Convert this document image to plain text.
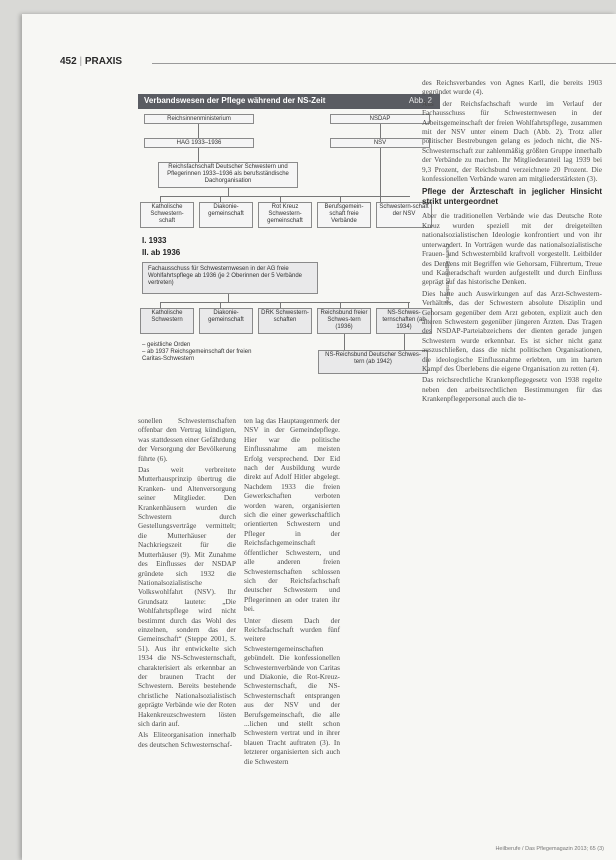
452 | PRAXIS
Verbandswesen der Pflege während der NS-Zeit	Abb. 2
Reichsinnenministerium	NSDAP
HAG 1933–1936	NSV
Reichsfachschaft Deutscher Schwestern und Pflegerinnen 1933–1936 als berufsständische Dachorganisation
Katholische Schwestern-schaft
Diakonie-gemeinschaft
Rot Kreuz Schwestern-gemeinschaft
Berufsgemein-schaft freie Verbände
Schwestern-schaft der NSV
I. 1933
II. ab 1936
Fachausschuss für Schwesternwesen in der AG freie Wohlfahrtspflege ab 1936 (je 2 Oberinnen der 5 Verbände vertreten)
Katholische Schwestern
Diakonie-gemeinschaft
DRK Schwestern-schaften
Reichsbund freier Schwes-tern (1936)
NS-Schwes-ternschaften (ab 1934)
– geistliche Orden
– ab 1937 Reichsgemeinschaft der freien Caritas-Schwestern
NS-Reichsbund Deutscher Schwes-tern (ab 1942)
Quelle: Eigene Darstellung

sonellen Schwesternschaften offenbar den Vertrag kündigten, was stattdessen einer Gefährdung der Versorgung der Bevölkerung führte (6).

Das weit verbreitete Mutterhausprinzip übertrug die Kranken- und Altenversorgung seiner Mitglieder. Den Krankenhäusern wurden die Schwestern durch Gestellungsverträge vermittelt; die Mutterhäuser der Nachkriegszeit für die Mutterhäuser (9). Mit Zunahme des Einflusses der NSDAP gründete sich 1932 die Nationalsozialistische Volkswohlfahrt (NSV). Ihr Grundsatz lautete: „Die Wohlfahrtspflege wird nicht bestimmt durch das Wohl des einzelnen, sondern das der Gemeinschaft“ (Steppe 2001, S. 51). Aus ihr entwickelte sich 1934 die NS-Schwesternschaft, charakterisiert als erkennbar an der braunen Tracht der Schwestern. Bereits bestehende christliche Nationalsozialistisch geprägte Verbände wie der Roten Hakenkreuzschwestern lösten sich darin auf.

Als Eliteorganisation innerhalb des deutschen Schwesternschaf-

ten lag das Hauptaugenmerk der NSV in der Gemeindepflege. Hier war die politische Einflussnahme am meisten Erfolg versprechend. Der Eid nach der Ausbildung wurde direkt auf Adolf Hitler abgelegt. Nachdem 1933 die freien Gewerkschaften verboten worden waren, organisierten sich die einer gewerkschaftlich orientierten Schwestern und Pfleger in der Reichsfachgemeinschaft öffentlicher Schwestern, und alle anderen freien Schwesternschaften schlossen sich der Reichsfachschaft deutscher Schwestern und Pflegerinnen an oder traten ihr bei.

Unter diesem Dach der Reichsfachschaft wurden fünf weitere Schwesterngemeinschaften gebündelt. Die konfessionellen Schwesternverbände von Caritas und Diakonie, die Rot-Kreuz-Schwesternschaft, die NS-Schwesternschaft entsprangen aus der NSV und der Berufsgemeinschaft, die alle ...lichen und stellt schon Schwestern vertrat und in ihrer blauen Tracht auftraten (3). In letzterer organisierten sich auch die Schwestern

des Reichsverbandes von Agnes Karll, die bereits 1903 gegründet wurde (4).

Aus der Reichsfachschaft wurde im Verlauf der Fachausschuss für Schwesternwesen in der Arbeitsgemeinschaft der freien Wohlfahrtspflege, zusammen mit der NSV unter einem Dach (Abb. 2). Trotz aller politischer Bestrebungen gelang es jedoch nicht, die NS-Schwesternschaft zur zahlenmäßig größten Gruppe innerhalb der Verbände zu machen. Ihr Mitgliederanteil lag 1939 bei 9,3 Prozent, der Reichsbund verzeichnete 20 Prozent. Die konfessionellen Verbände waren am mitgliederstärksten (3).

Pflege der Ärzteschaft in jeglicher Hinsicht strikt untergeordnet

Aber die traditionellen Verbände wie das Deutsche Rote Kreuz wurden speziell mit der dreigeteilten nationalsozialistischen Ideologie konfrontiert und von ihr unterwandert. In Vorträgen wurde das nationalsozialistische Frauen- und Schwesternbild kraftvoll vorgestellt. Leitbilder des Denkens mit Begriffen wie Gehorsam, Führertum, Treue und Kameradschaft wurden aufgestellt und durch Einfluss geprägt auf das historische Denken.

Dies hatte auch Auswirkungen auf das Arzt-Schwestern-Verhältnis, das der Schwestern absolute Disziplin und Gehorsam gegenüber dem Arzt geboten, explizit auch den älteren Schwestern gegenüber jüngeren Ärzten. Das Tragen des NSDAP-Parteiabzeichens der dienten gerade jungen Schwestern wurde erkennbar. Es ist sicher nicht ganz auszuschließen, dass die nicht politischen Organisationen, die ideologische Einflussnahme erlebten, um im harten Kampf des Überlebens die eigene Organisation zu retten (4).

Das reichsrechtliche Krankenpflegegesetz von 1938 regelte neben den arbeitsrechtlichen Bestimmungen für das Krankenpflegepersonal auch die te-

Heilberufe / Das Pflegemagazin 2013; 65 (3)
